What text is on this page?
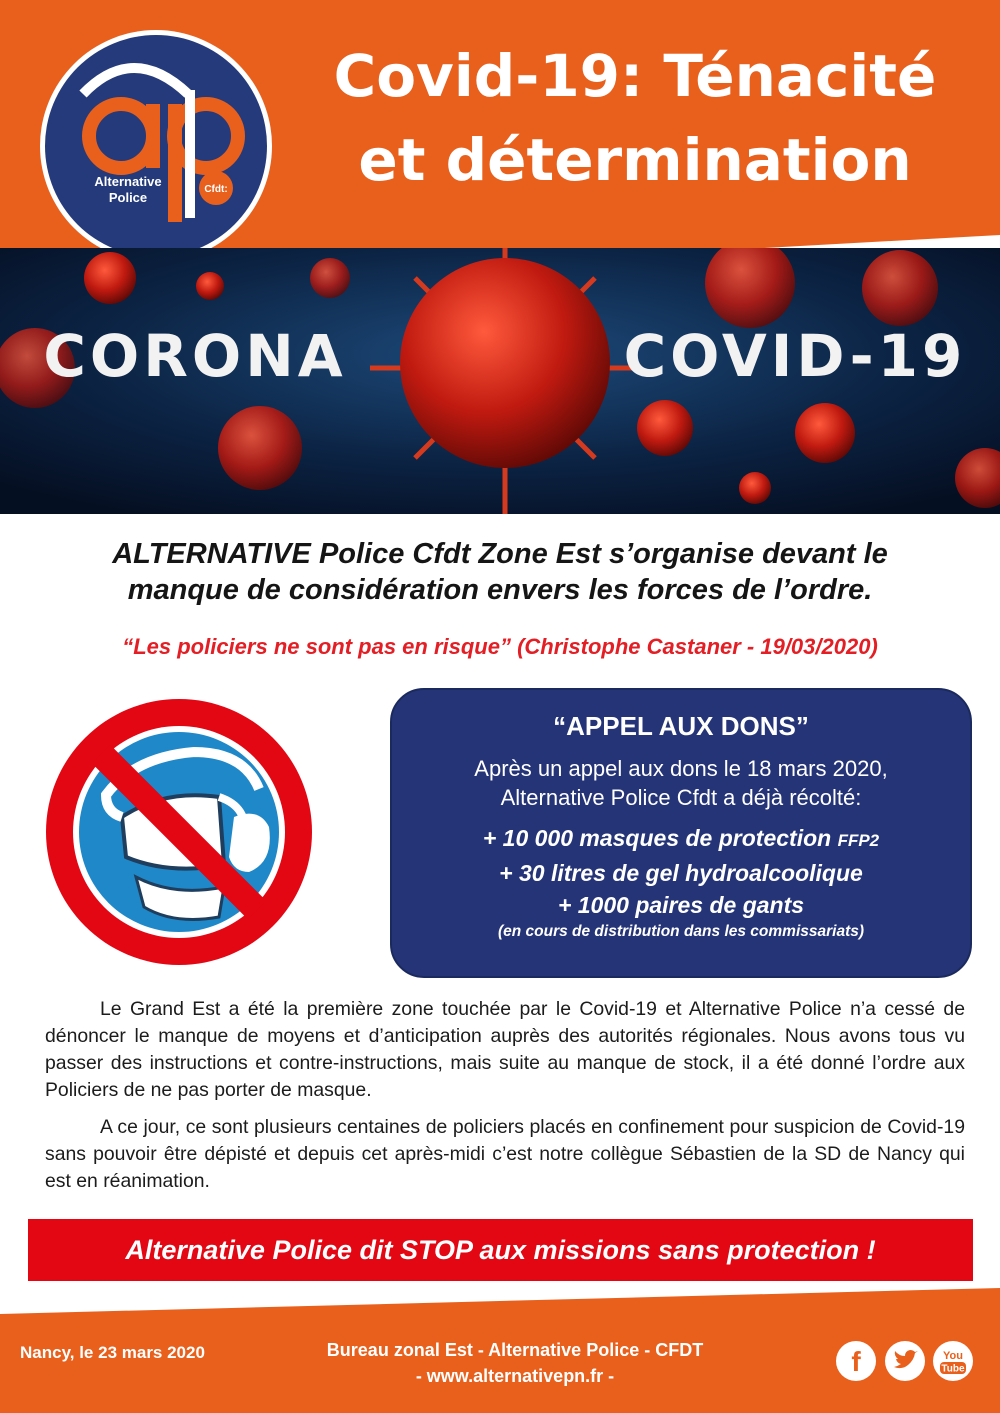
Alternative
Police
Cfdt:
Covid-19: Ténacité
et détermination
CORONA	COVID-19
ALTERNATIVE Police Cfdt Zone Est s’organise devant le
manque de considération envers les forces de l’ordre.
“Les policiers ne sont pas en risque” (Christophe Castaner - 19/03/2020)
“APPEL AUX DONS”
Après un appel aux dons le 18 mars 2020,
Alternative Police Cfdt a déjà récolté:
+ 10 000 masques de protection FFP2
+ 30 litres de gel hydroalcoolique
+ 1000 paires de gants
(en cours de distribution dans les commissariats)

Le Grand Est a été la première zone touchée par le Covid-19 et Alternative Police n’a cessé de dénoncer le manque de moyens et d’anticipation auprès des autorités régionales. Nous avons tous vu passer des instructions et contre-instructions, mais suite au manque de stock, il a été donné l’ordre aux Policiers de ne pas porter de masque.

A ce jour, ce sont plusieurs centaines de policiers placés en confinement pour suspicion de Covid-19 sans pouvoir être dépisté et depuis cet après-midi c’est notre collègue Sébastien de la SD de Nancy qui est en réanimation.

Alternative Police dit STOP aux missions sans protection !
Nancy, le 23 mars 2020	Bureau zonal Est - Alternative Police - CFDT
- www.alternativepn.fr -	f	You
Tube
